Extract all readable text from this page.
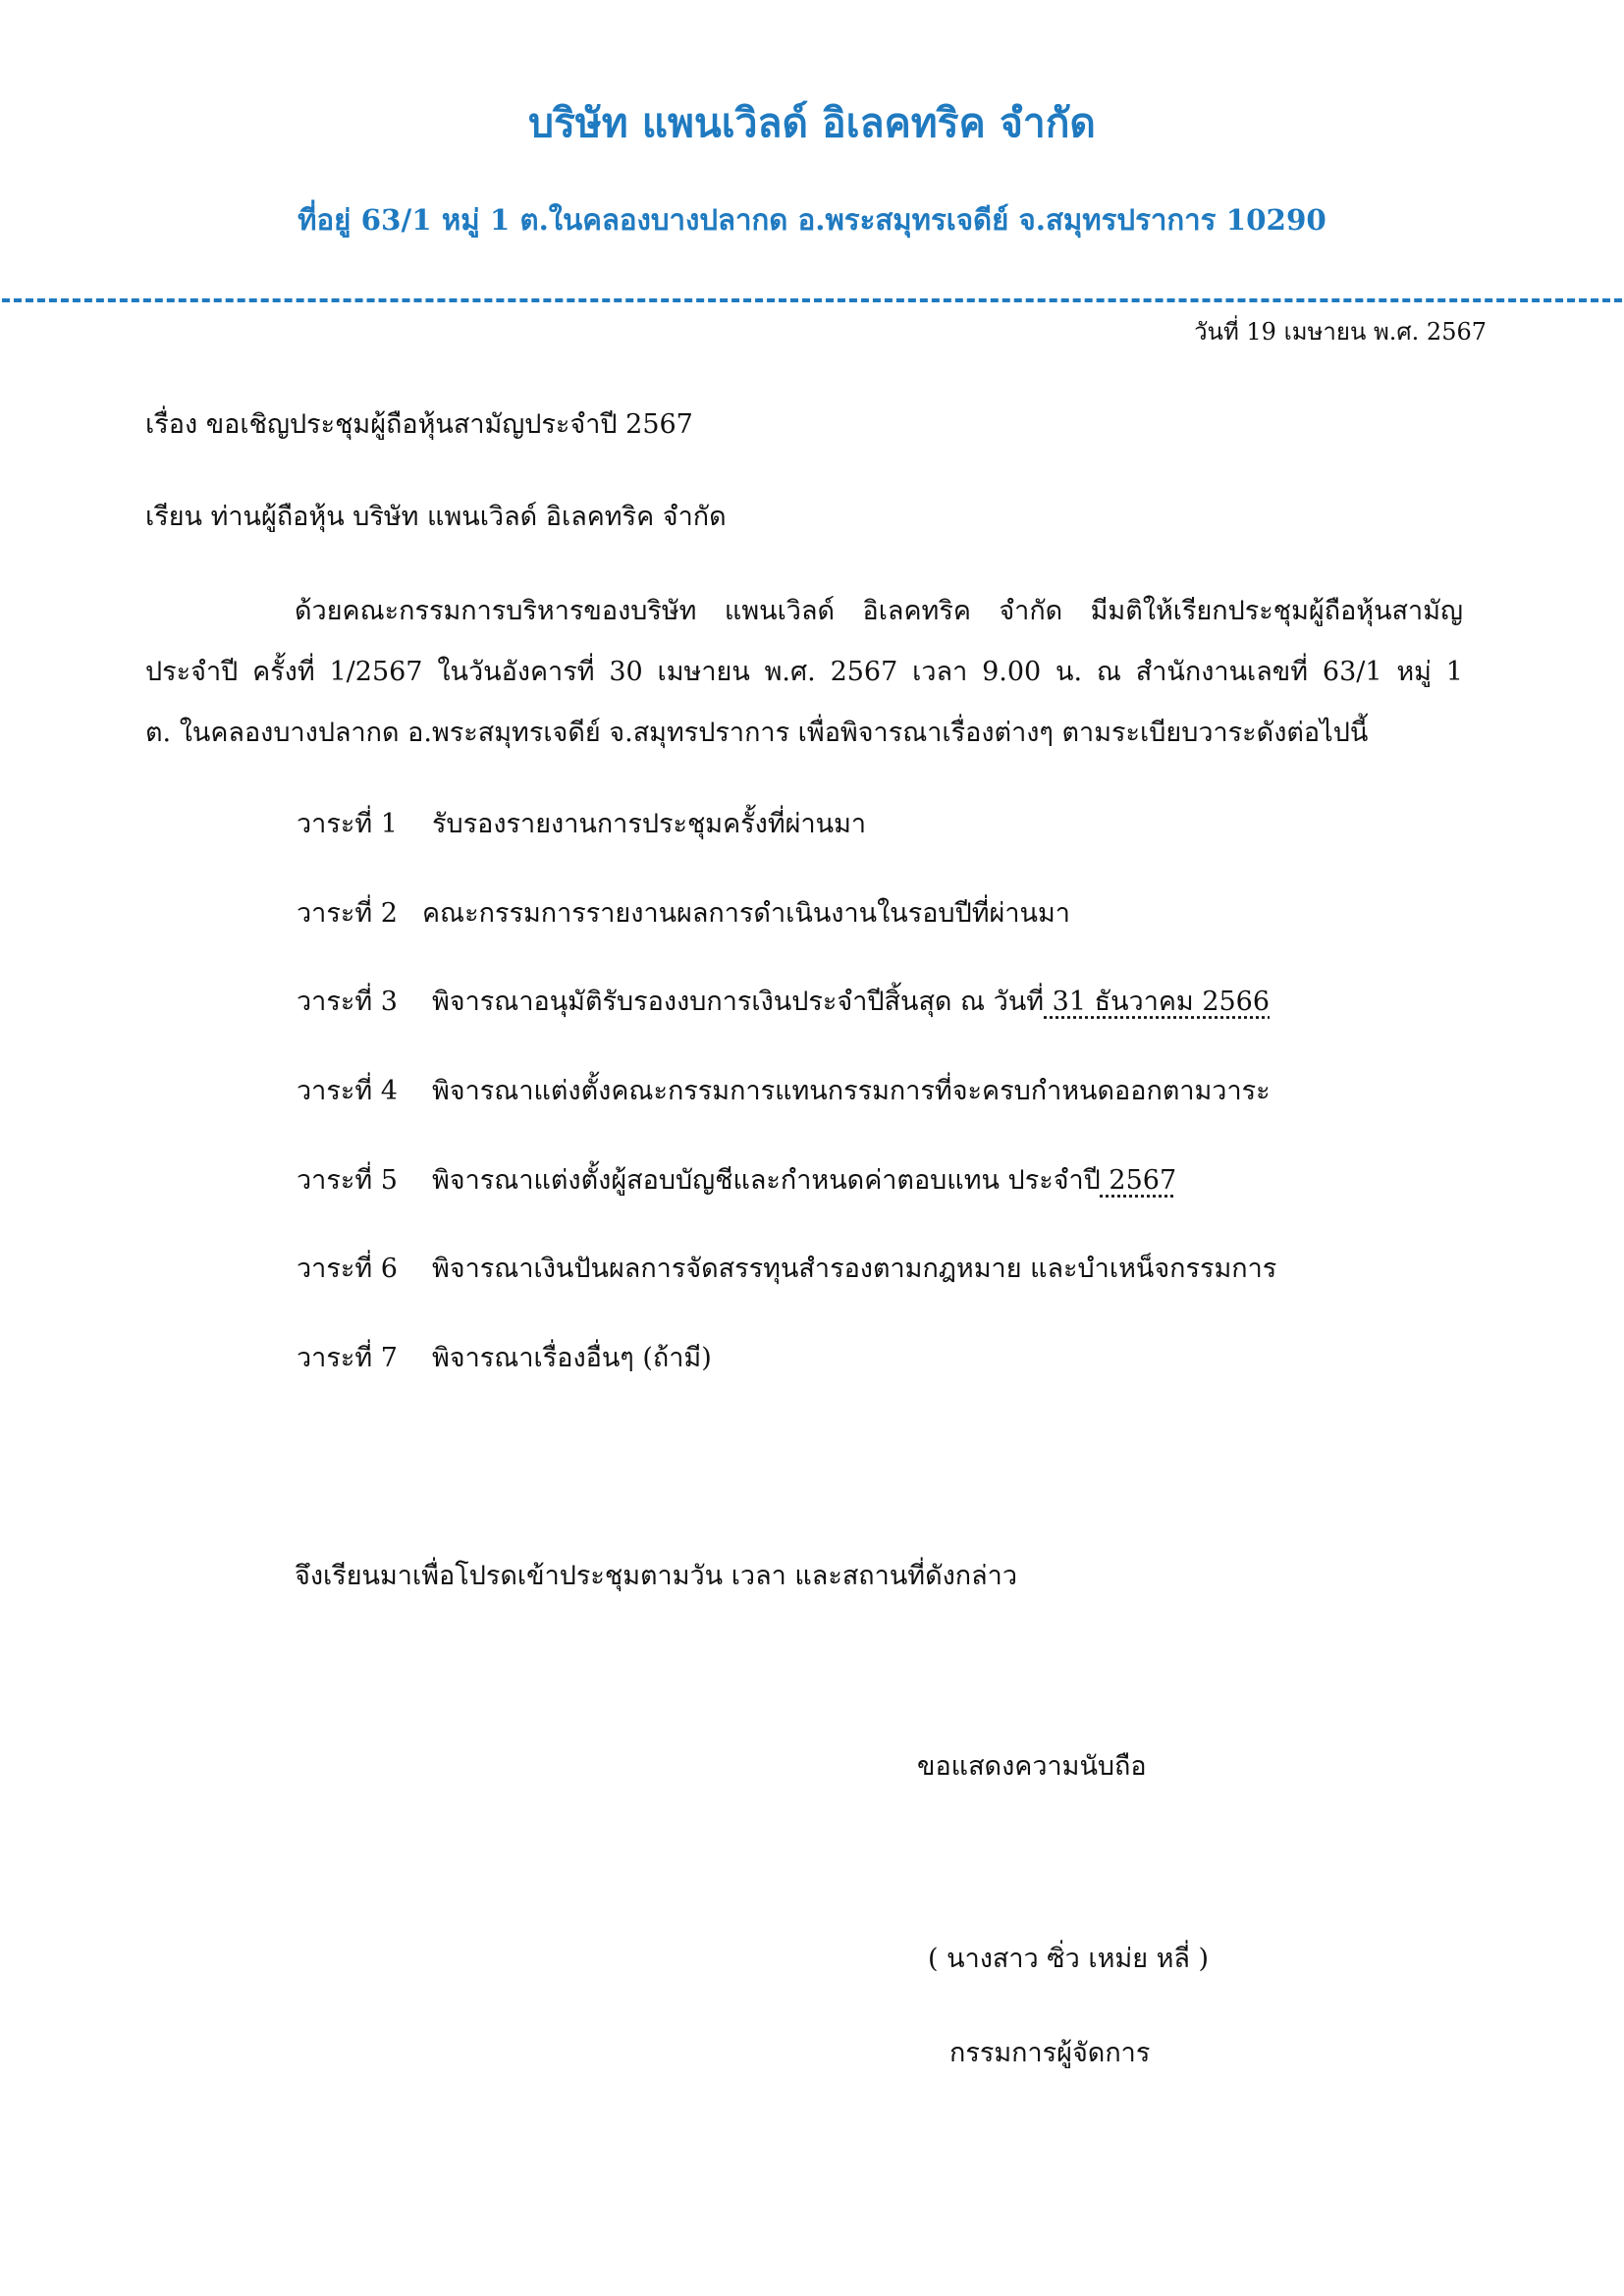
บริษัท แพนเวิลด์ อิเลคทริค จำกัด
ที่อยู่ 63/1 หมู่ 1 ต.ในคลองบางปลากด อ.พระสมุทรเจดีย์ จ.สมุทรปราการ 10290
วันที่ 19 เมษายน พ.ศ. 2567
เรื่อง ขอเชิญประชุมผู้ถือหุ้นสามัญประจำปี 2567
เรียน ท่านผู้ถือหุ้น บริษัท แพนเวิลด์ อิเลคทริค จำกัด
ด้วยคณะกรรมการบริหารของบริษัท แพนเวิลด์ อิเลคทริค จำกัด มีมติให้เรียกประชุมผู้ถือหุ้นสามัญ
ประจำปี ครั้งที่ 1/2567 ในวันอังคารที่ 30 เมษายน พ.ศ. 2567 เวลา 9.00 น. ณ สำนักงานเลขที่ 63/1 หมู่ 1
ต. ในคลองบางปลากด อ.พระสมุทรเจดีย์ จ.สมุทรปราการ เพื่อพิจารณาเรื่องต่างๆ ตามระเบียบวาระดังต่อไปนี้
วาระที่ 1 รับรองรายงานการประชุมครั้งที่ผ่านมา
วาระที่ 2 คณะกรรมการรายงานผลการดำเนินงานในรอบปีที่ผ่านมา
วาระที่ 3 พิจารณาอนุมัติรับรองงบการเงินประจำปีสิ้นสุด ณ วันที่ 31 ธันวาคม 2566
วาระที่ 4 พิจารณาแต่งตั้งคณะกรรมการแทนกรรมการที่จะครบกำหนดออกตามวาระ
วาระที่ 5 พิจารณาแต่งตั้งผู้สอบบัญชีและกำหนดค่าตอบแทน ประจำปี 2567
วาระที่ 6 พิจารณาเงินปันผลการจัดสรรทุนสำรองตามกฎหมาย และบำเหน็จกรรมการ
วาระที่ 7 พิจารณาเรื่องอื่นๆ (ถ้ามี)
จึงเรียนมาเพื่อโปรดเข้าประชุมตามวัน เวลา และสถานที่ดังกล่าว
ขอแสดงความนับถือ
( นางสาว ซิ่ว เหม่ย หลี่ )
กรรมการผู้จัดการ
